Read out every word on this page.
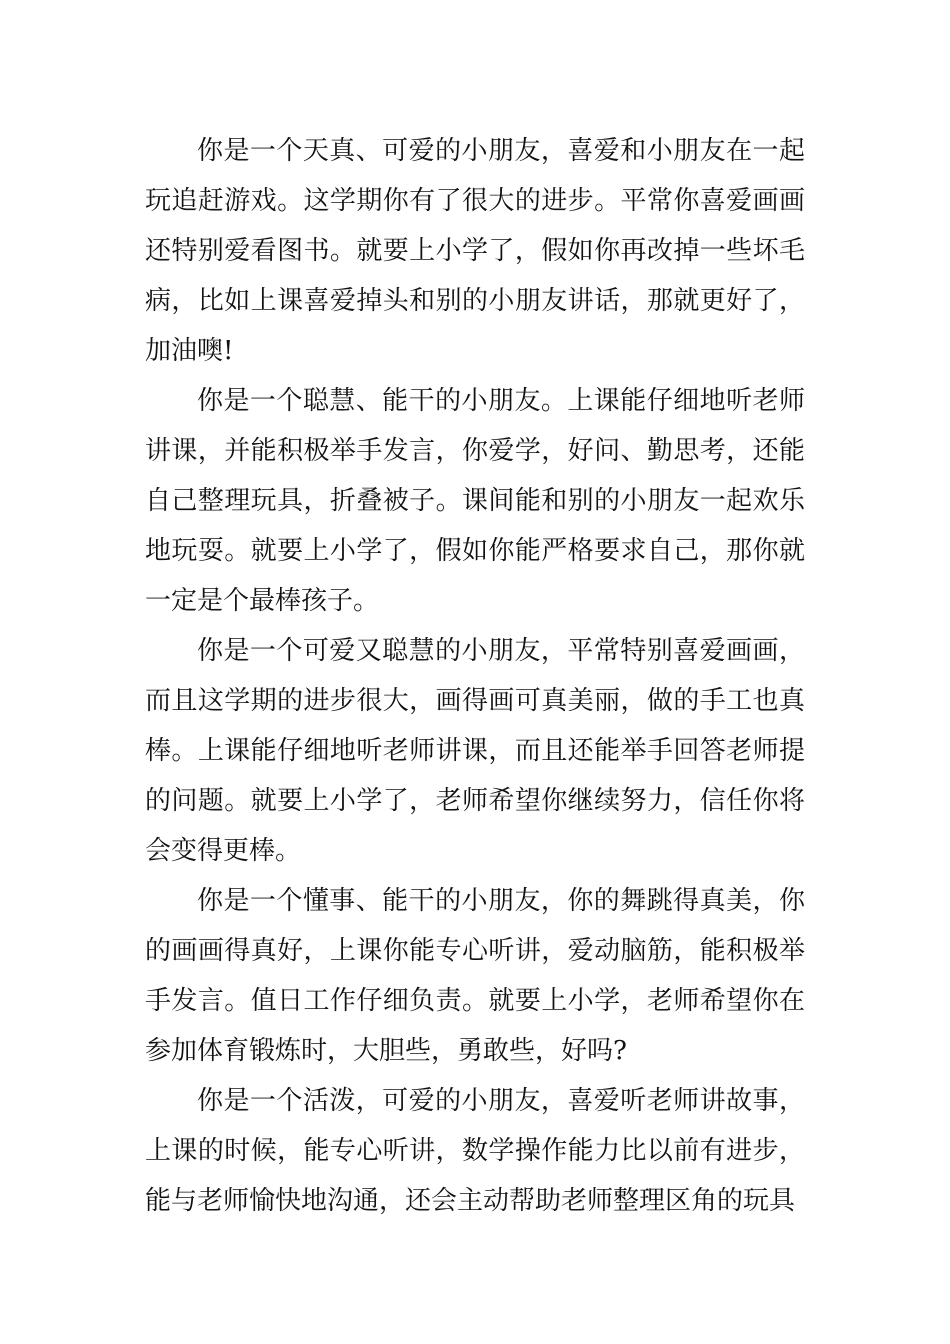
你是一个天真、可爱的小朋友，喜爱和小朋友在一起玩追赶游戏。这学期你有了很大的进步。平常你喜爱画画还特别爱看图书。就要上小学了，假如你再改掉一些坏毛病，比如上课喜爱掉头和别的小朋友讲话，那就更好了，加油噢!

你是一个聪慧、能干的小朋友。上课能仔细地听老师讲课，并能积极举手发言，你爱学，好问、勤思考，还能自己整理玩具，折叠被子。课间能和别的小朋友一起欢乐地玩耍。就要上小学了，假如你能严格要求自己，那你就一定是个最棒孩子。

你是一个可爱又聪慧的小朋友，平常特别喜爱画画，而且这学期的进步很大，画得画可真美丽，做的手工也真棒。上课能仔细地听老师讲课，而且还能举手回答老师提的问题。就要上小学了，老师希望你继续努力，信任你将会变得更棒。

你是一个懂事、能干的小朋友，你的舞跳得真美，你的画画得真好，上课你能专心听讲，爱动脑筋，能积极举手发言。值日工作仔细负责。就要上小学，老师希望你在参加体育锻炼时，大胆些，勇敢些，好吗?

你是一个活泼，可爱的小朋友，喜爱听老师讲故事，上课的时候，能专心听讲，数学操作能力比以前有进步，能与老师愉快地沟通，还会主动帮助老师整理区角的玩具
